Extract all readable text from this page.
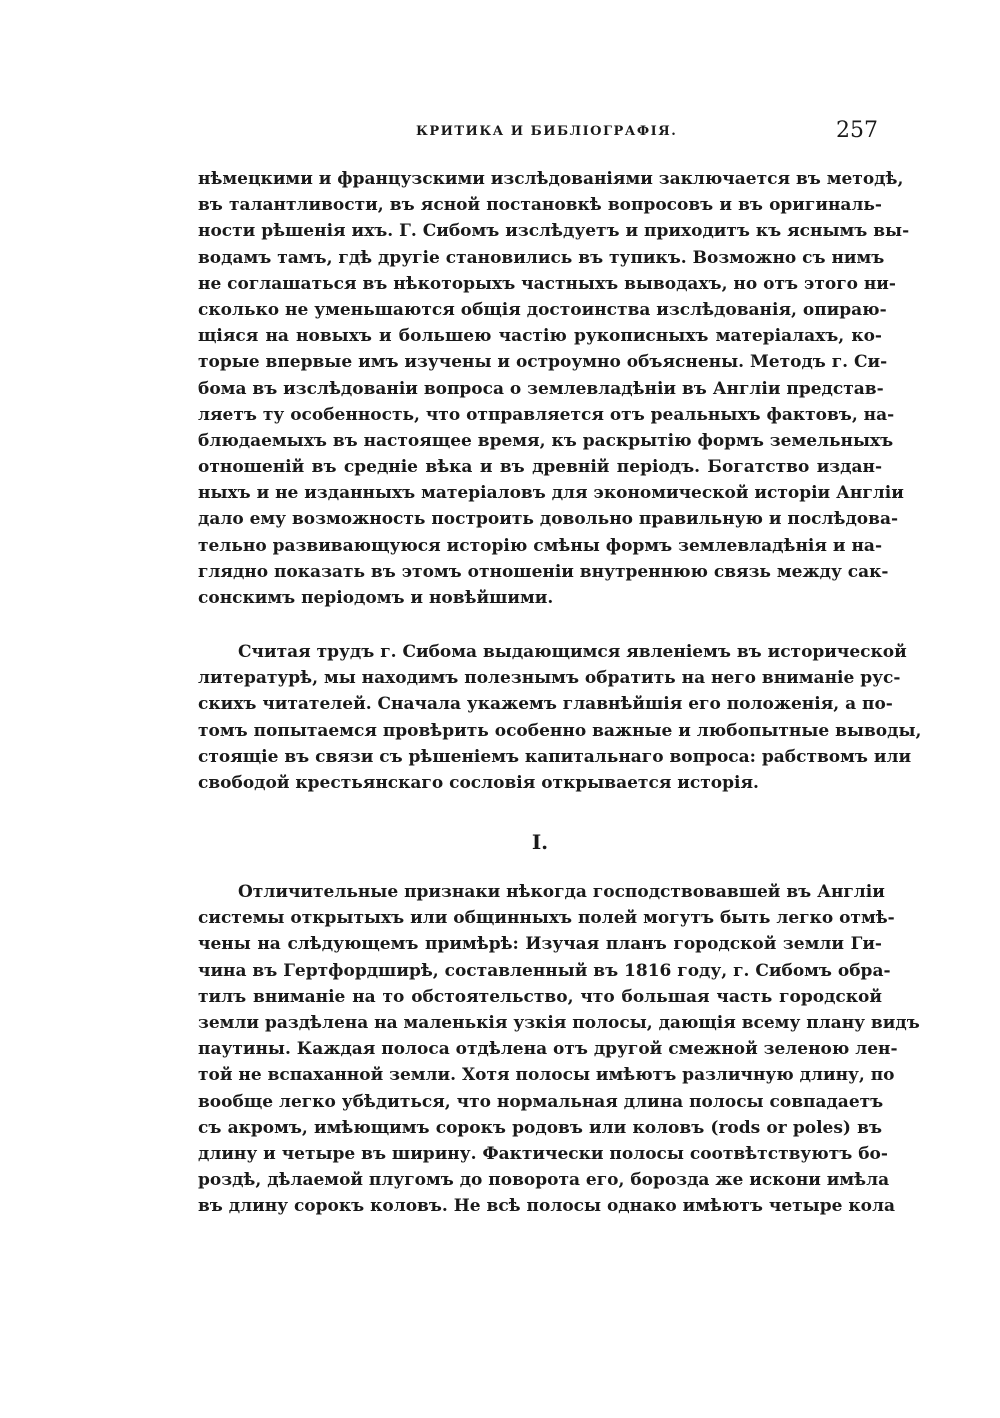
КРИТИКА И БИБЛІОГРАФІЯ.	257
нѣмецкими и французскими изслѣдованіями заключается въ методѣ,
въ талантливости, въ ясной постановкѣ вопросовъ и въ оригиналь-
ности рѣшенія ихъ. Г. Сибомъ изслѣдуетъ и приходитъ къ яснымъ вы-
водамъ тамъ, гдѣ другіе становились въ тупикъ. Возможно съ нимъ
не соглашаться въ нѣкоторыхъ частныхъ выводахъ, но отъ этого ни-
сколько не уменьшаются общія достоинства изслѣдованія, опираю-
щіяся на новыхъ и большею частію рукописныхъ матеріалахъ, ко-
торые впервые имъ изучены и остроумно объяснены. Методъ г. Си-
бома въ изслѣдованіи вопроса о землевладѣніи въ Англіи представ-
ляетъ ту особенность, что отправляется отъ реальныхъ фактовъ, на-
блюдаемыхъ въ настоящее время, къ раскрытію формъ земельныхъ
отношеній въ средніе вѣка и въ древній періодъ. Богатство издан-
ныхъ и не изданныхъ матеріаловъ для экономической исторіи Англіи
дало ему возможность построить довольно правильную и послѣдова-
тельно развивающуюся исторію смѣны формъ землевладѣнія и на-
глядно показать въ этомъ отношеніи внутреннюю связь между сак-
сонскимъ періодомъ и новѣйшими.
Считая трудъ г. Сибома выдающимся явленіемъ въ исторической
литературѣ, мы находимъ полезнымъ обратить на него вниманіе рус-
скихъ читателей. Сначала укажемъ главнѣйшія его положенія, а по-
томъ попытаемся провѣрить особенно важные и любопытные выводы,
стоящіе въ связи съ рѣшеніемъ капитальнаго вопроса: рабствомъ или
свободой крестьянскаго сословія открывается исторія.
I.
Отличительные признаки нѣкогда господствовавшей въ Англіи
системы открытыхъ или общинныхъ полей могутъ быть легко отмѣ-
чены на слѣдующемъ примѣрѣ: Изучая планъ городской земли Ги-
чина въ Гертфордширѣ, составленный въ 1816 году, г. Сибомъ обра-
тилъ вниманіе на то обстоятельство, что большая часть городской
земли раздѣлена на маленькія узкія полосы, дающія всему плану видъ
паутины. Каждая полоса отдѣлена отъ другой смежной зеленою лен-
той не вспаханной земли. Хотя полосы имѣютъ различную длину, по
вообще легко убѣдиться, что нормальная длина полосы совпадаетъ
съ акромъ, имѣющимъ сорокъ родовъ или коловъ (rods or poles) въ
длину и четыре въ ширину. Фактически полосы соотвѣтствуютъ бо-
роздѣ, дѣлаемой плугомъ до поворота его, борозда же искони имѣла
въ длину сорокъ коловъ. Не всѣ полосы однако имѣютъ четыре кола
